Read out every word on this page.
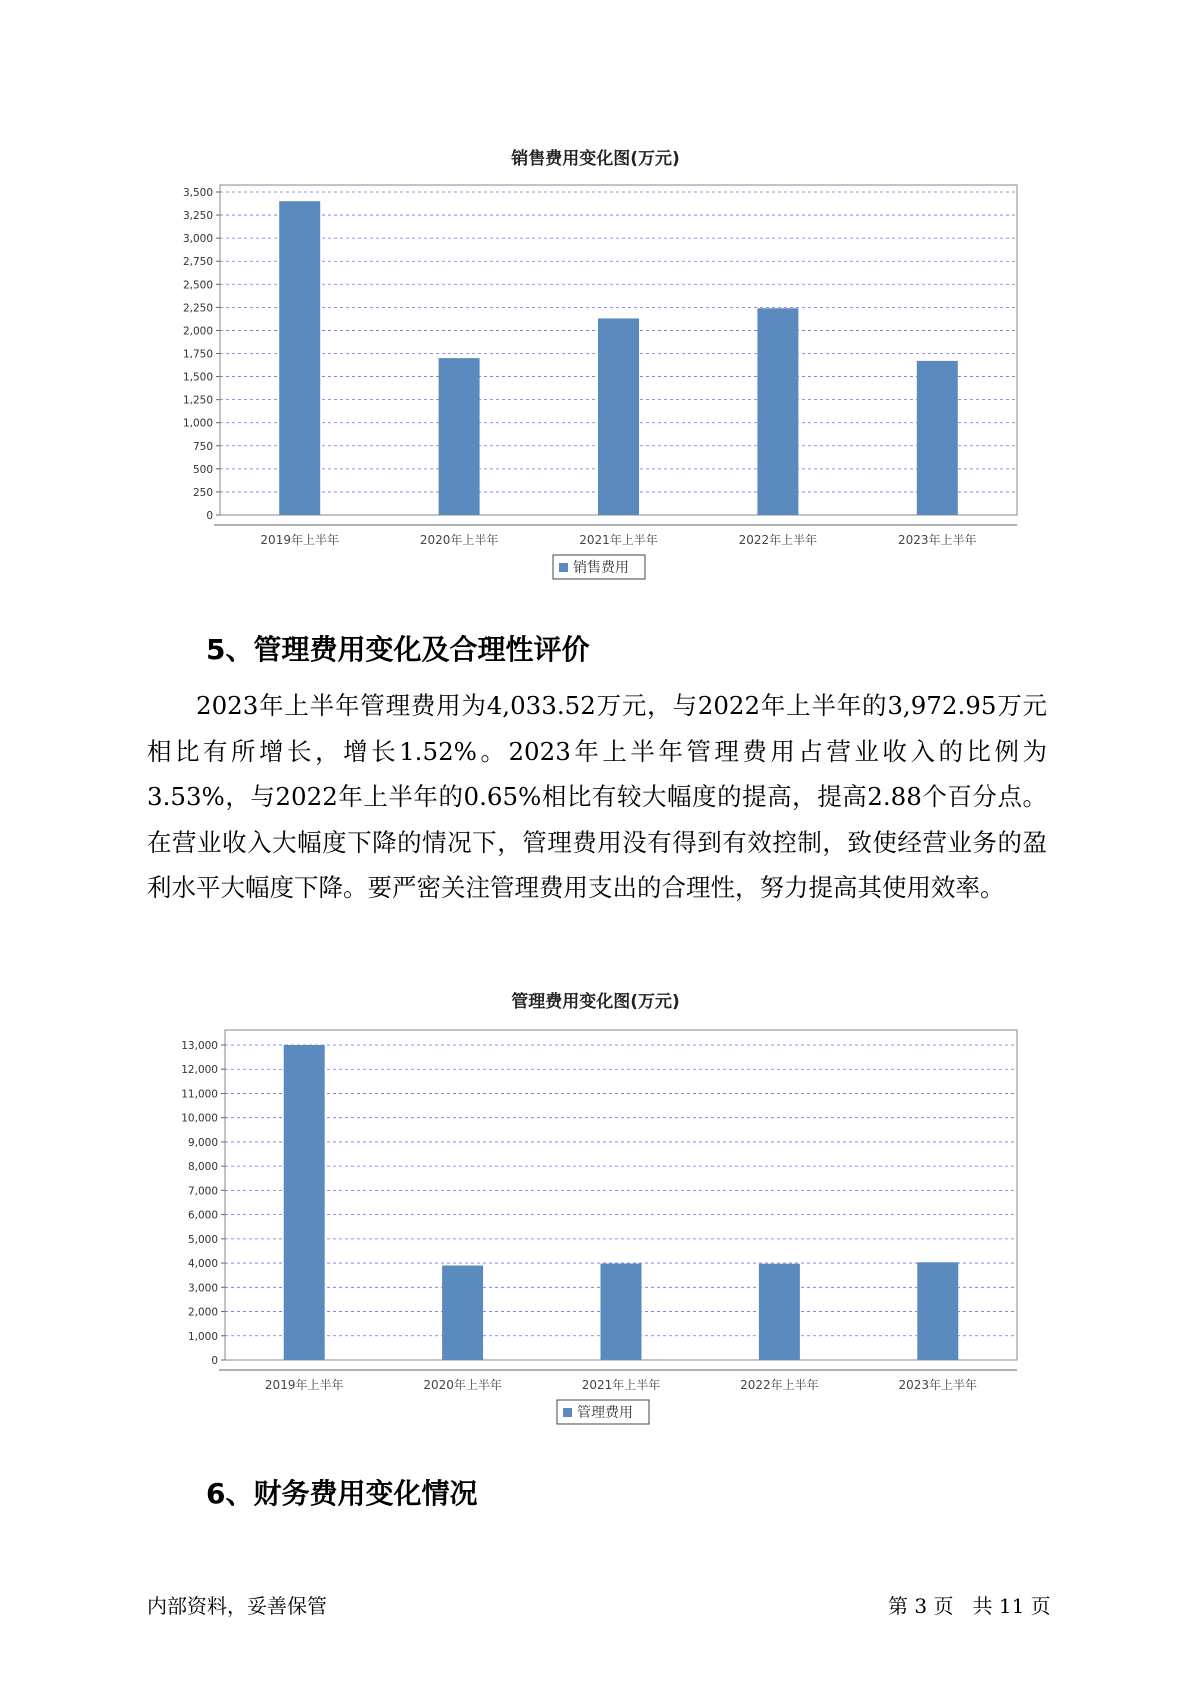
销售费用变化图(万元)
0
250
500
750
1,000
1,250
1,500
1,750
2,000
2,250
2,500
2,750
3,000
3,250
3,500
2019年上半年	2020年上半年	2021年上半年	2022年上半年	2023年上半年
销售费用
5、管理费用变化及合理性评价

2023年上半年管理费用为4,033.52万元，与2022年上半年的3,972.95万元相比有所增长，增长1.52%。2023年上半年管理费用占营业收入的比例为3.53%，与2022年上半年的0.65%相比有较大幅度的提高，提高2.88个百分点。在营业收入大幅度下降的情况下，管理费用没有得到有效控制，致使经营业务的盈利水平大幅度下降。要严密关注管理费用支出的合理性，努力提高其使用效率。

管理费用变化图(万元)
0
1,000
2,000
3,000
4,000
5,000
6,000
7,000
8,000
9,000
10,000
11,000
12,000
13,000
2019年上半年	2020年上半年	2021年上半年	2022年上半年	2023年上半年
管理费用
6、财务费用变化情况
内部资料，妥善保管	第 3 页   共 11 页
